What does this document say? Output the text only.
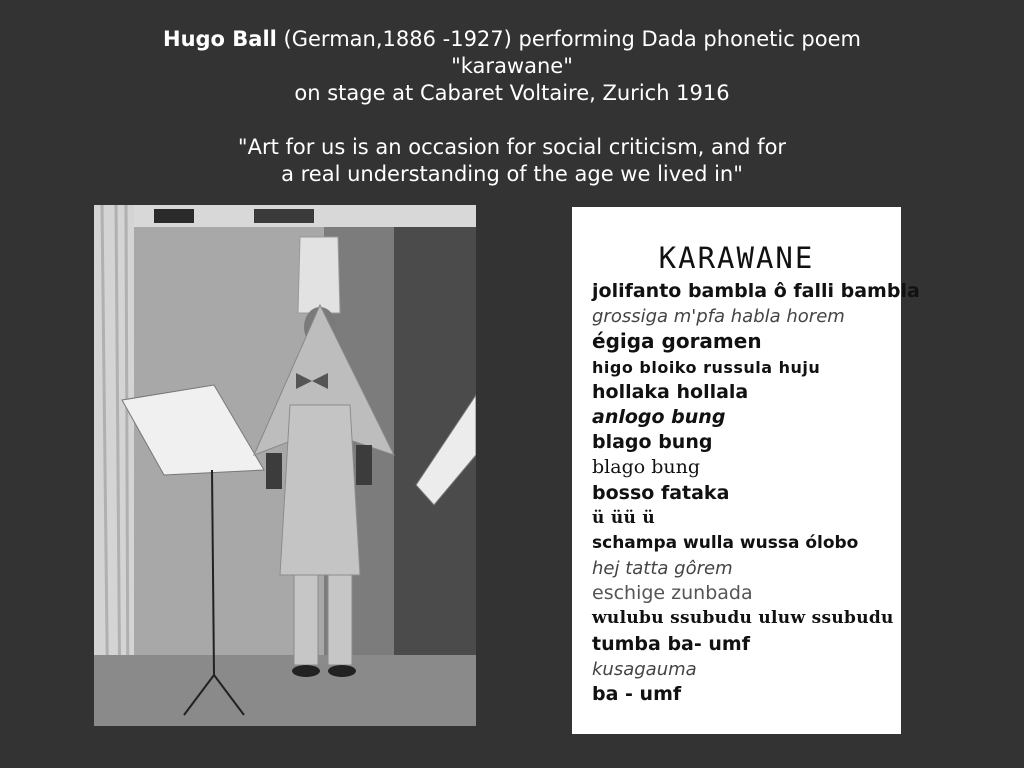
Hugo Ball (German,1886 -1927) performing Dada phonetic poem
"karawane"
on stage at Cabaret Voltaire, Zurich 1916
"Art for us is an occasion for social criticism, and for
a real understanding of the age we lived in"
KARAWANE
jolifanto bambla ô falli bambla
grossiga m'pfa habla horem
égiga goramen
higo bloiko russula huju
hollaka hollala
anlogo bung
blago bung
blago bung
bosso fataka
ü üü ü
schampa wulla wussa ólobo
hej tatta gôrem
eschige zunbada
wulubu ssubudu uluw ssubudu
tumba ba- umf
kusagauma
ba - umf
